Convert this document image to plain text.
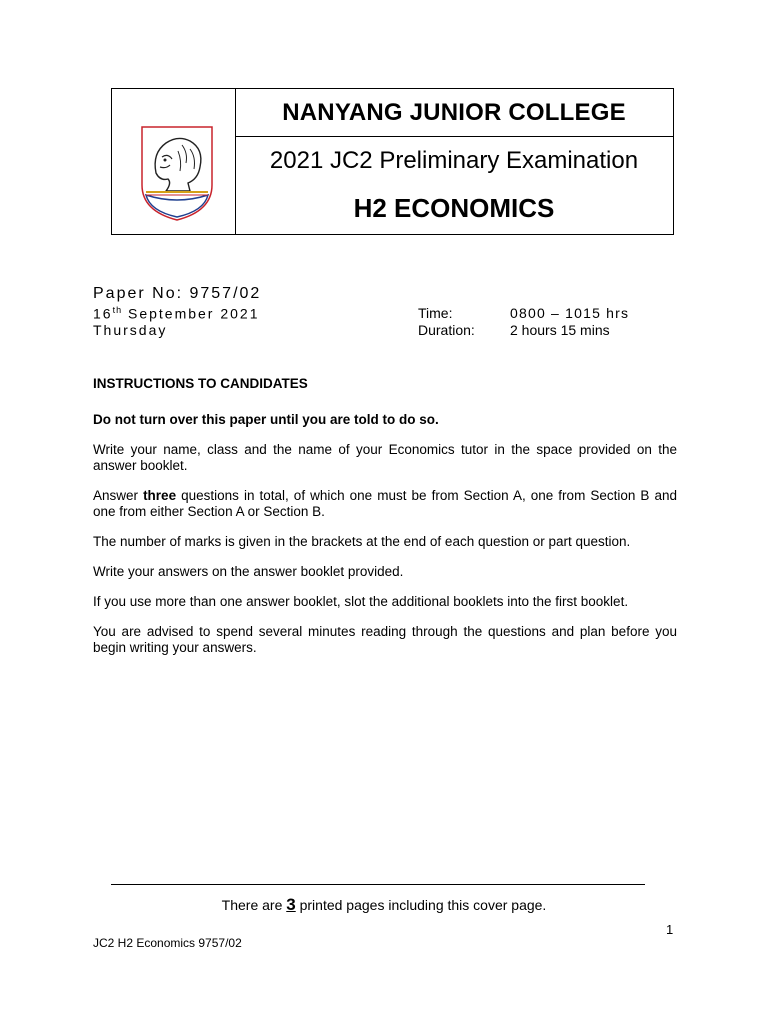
NANYANG JUNIOR COLLEGE
2021 JC2 Preliminary Examination
H2 ECONOMICS
Paper No: 9757/02
16th September 2021
Thursday
Time:	0800 – 1015 hrs
Duration:	2 hours 15 mins

INSTRUCTIONS TO CANDIDATES

Do not turn over this paper until you are told to do so.

Write your name, class and the name of your Economics tutor in the space provided on the answer booklet.

Answer three questions in total, of which one must be from Section A, one from Section B and one from either Section A or Section B.

The number of marks is given in the brackets at the end of each question or part question.

Write your answers on the answer booklet provided.

If you use more than one answer booklet, slot the additional booklets into the first booklet.

You are advised to spend several minutes reading through the questions and plan before you begin writing your answers.

There are 3 printed pages including this cover page.
1
JC2 H2 Economics 9757/02
